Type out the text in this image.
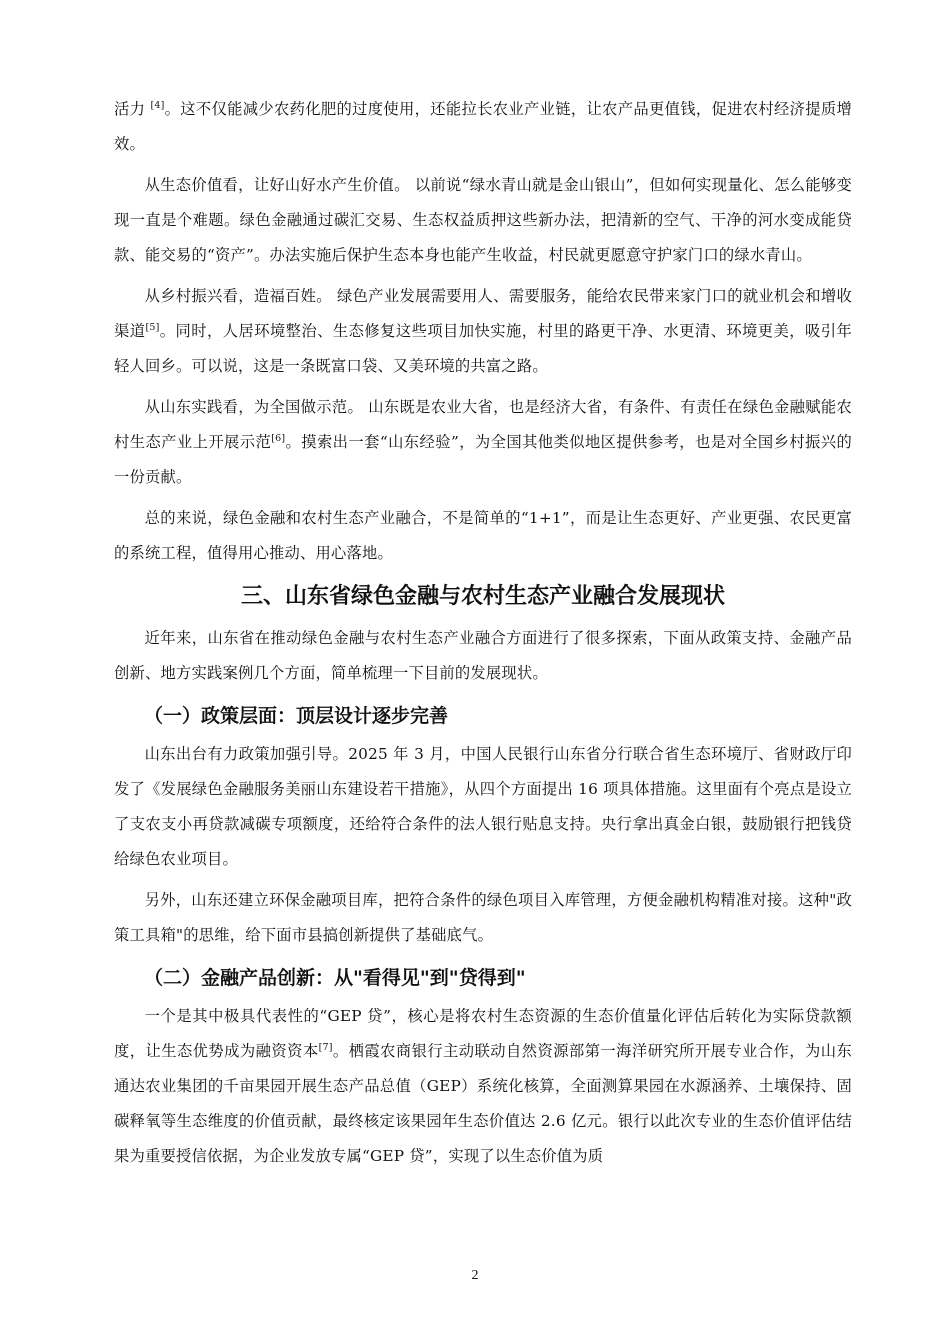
活力 [4]。这不仅能减少农药化肥的过度使用，还能拉长农业产业链，让农产品更值钱，促进农村经济提质增效。

从生态价值看，让好山好水产生价值。 以前说“绿水青山就是金山银山”，但如何实现量化、怎么能够变现一直是个难题。绿色金融通过碳汇交易、生态权益质押这些新办法，把清新的空气、干净的河水变成能贷款、能交易的“资产”。办法实施后保护生态本身也能产生收益，村民就更愿意守护家门口的绿水青山。

从乡村振兴看，造福百姓。 绿色产业发展需要用人、需要服务，能给农民带来家门口的就业机会和增收渠道[5]。同时，人居环境整治、生态修复这些项目加快实施，村里的路更干净、水更清、环境更美，吸引年轻人回乡。可以说，这是一条既富口袋、又美环境的共富之路。

从山东实践看，为全国做示范。 山东既是农业大省，也是经济大省，有条件、有责任在绿色金融赋能农村生态产业上开展示范[6]。摸索出一套“山东经验”，为全国其他类似地区提供参考，也是对全国乡村振兴的一份贡献。

总的来说，绿色金融和农村生态产业融合，不是简单的“1+1”，而是让生态更好、产业更强、农民更富的系统工程，值得用心推动、用心落地。

三、山东省绿色金融与农村生态产业融合发展现状

近年来，山东省在推动绿色金融与农村生态产业融合方面进行了很多探索，下面从政策支持、金融产品创新、地方实践案例几个方面，简单梳理一下目前的发展现状。

（一）政策层面：顶层设计逐步完善

山东出台有力政策加强引导。2025 年 3 月，中国人民银行山东省分行联合省生态环境厅、省财政厅印发了《发展绿色金融服务美丽山东建设若干措施》，从四个方面提出 16 项具体措施。这里面有个亮点是设立了支农支小再贷款减碳专项额度，还给符合条件的法人银行贴息支持。央行拿出真金白银，鼓励银行把钱贷给绿色农业项目。

另外，山东还建立环保金融项目库，把符合条件的绿色项目入库管理，方便金融机构精准对接。这种"政策工具箱"的思维，给下面市县搞创新提供了基础底气。

（二）金融产品创新：从"看得见"到"贷得到"

一个是其中极具代表性的“GEP 贷”，核心是将农村生态资源的生态价值量化评估后转化为实际贷款额度，让生态优势成为融资资本[7]。栖霞农商银行主动联动自然资源部第一海洋研究所开展专业合作，为山东通达农业集团的千亩果园开展生态产品总值（GEP）系统化核算，全面测算果园在水源涵养、土壤保持、固碳释氧等生态维度的价值贡献，最终核定该果园年生态价值达 2.6 亿元。银行以此次专业的生态价值评估结果为重要授信依据，为企业发放专属“GEP 贷”，实现了以生态价值为质

2
